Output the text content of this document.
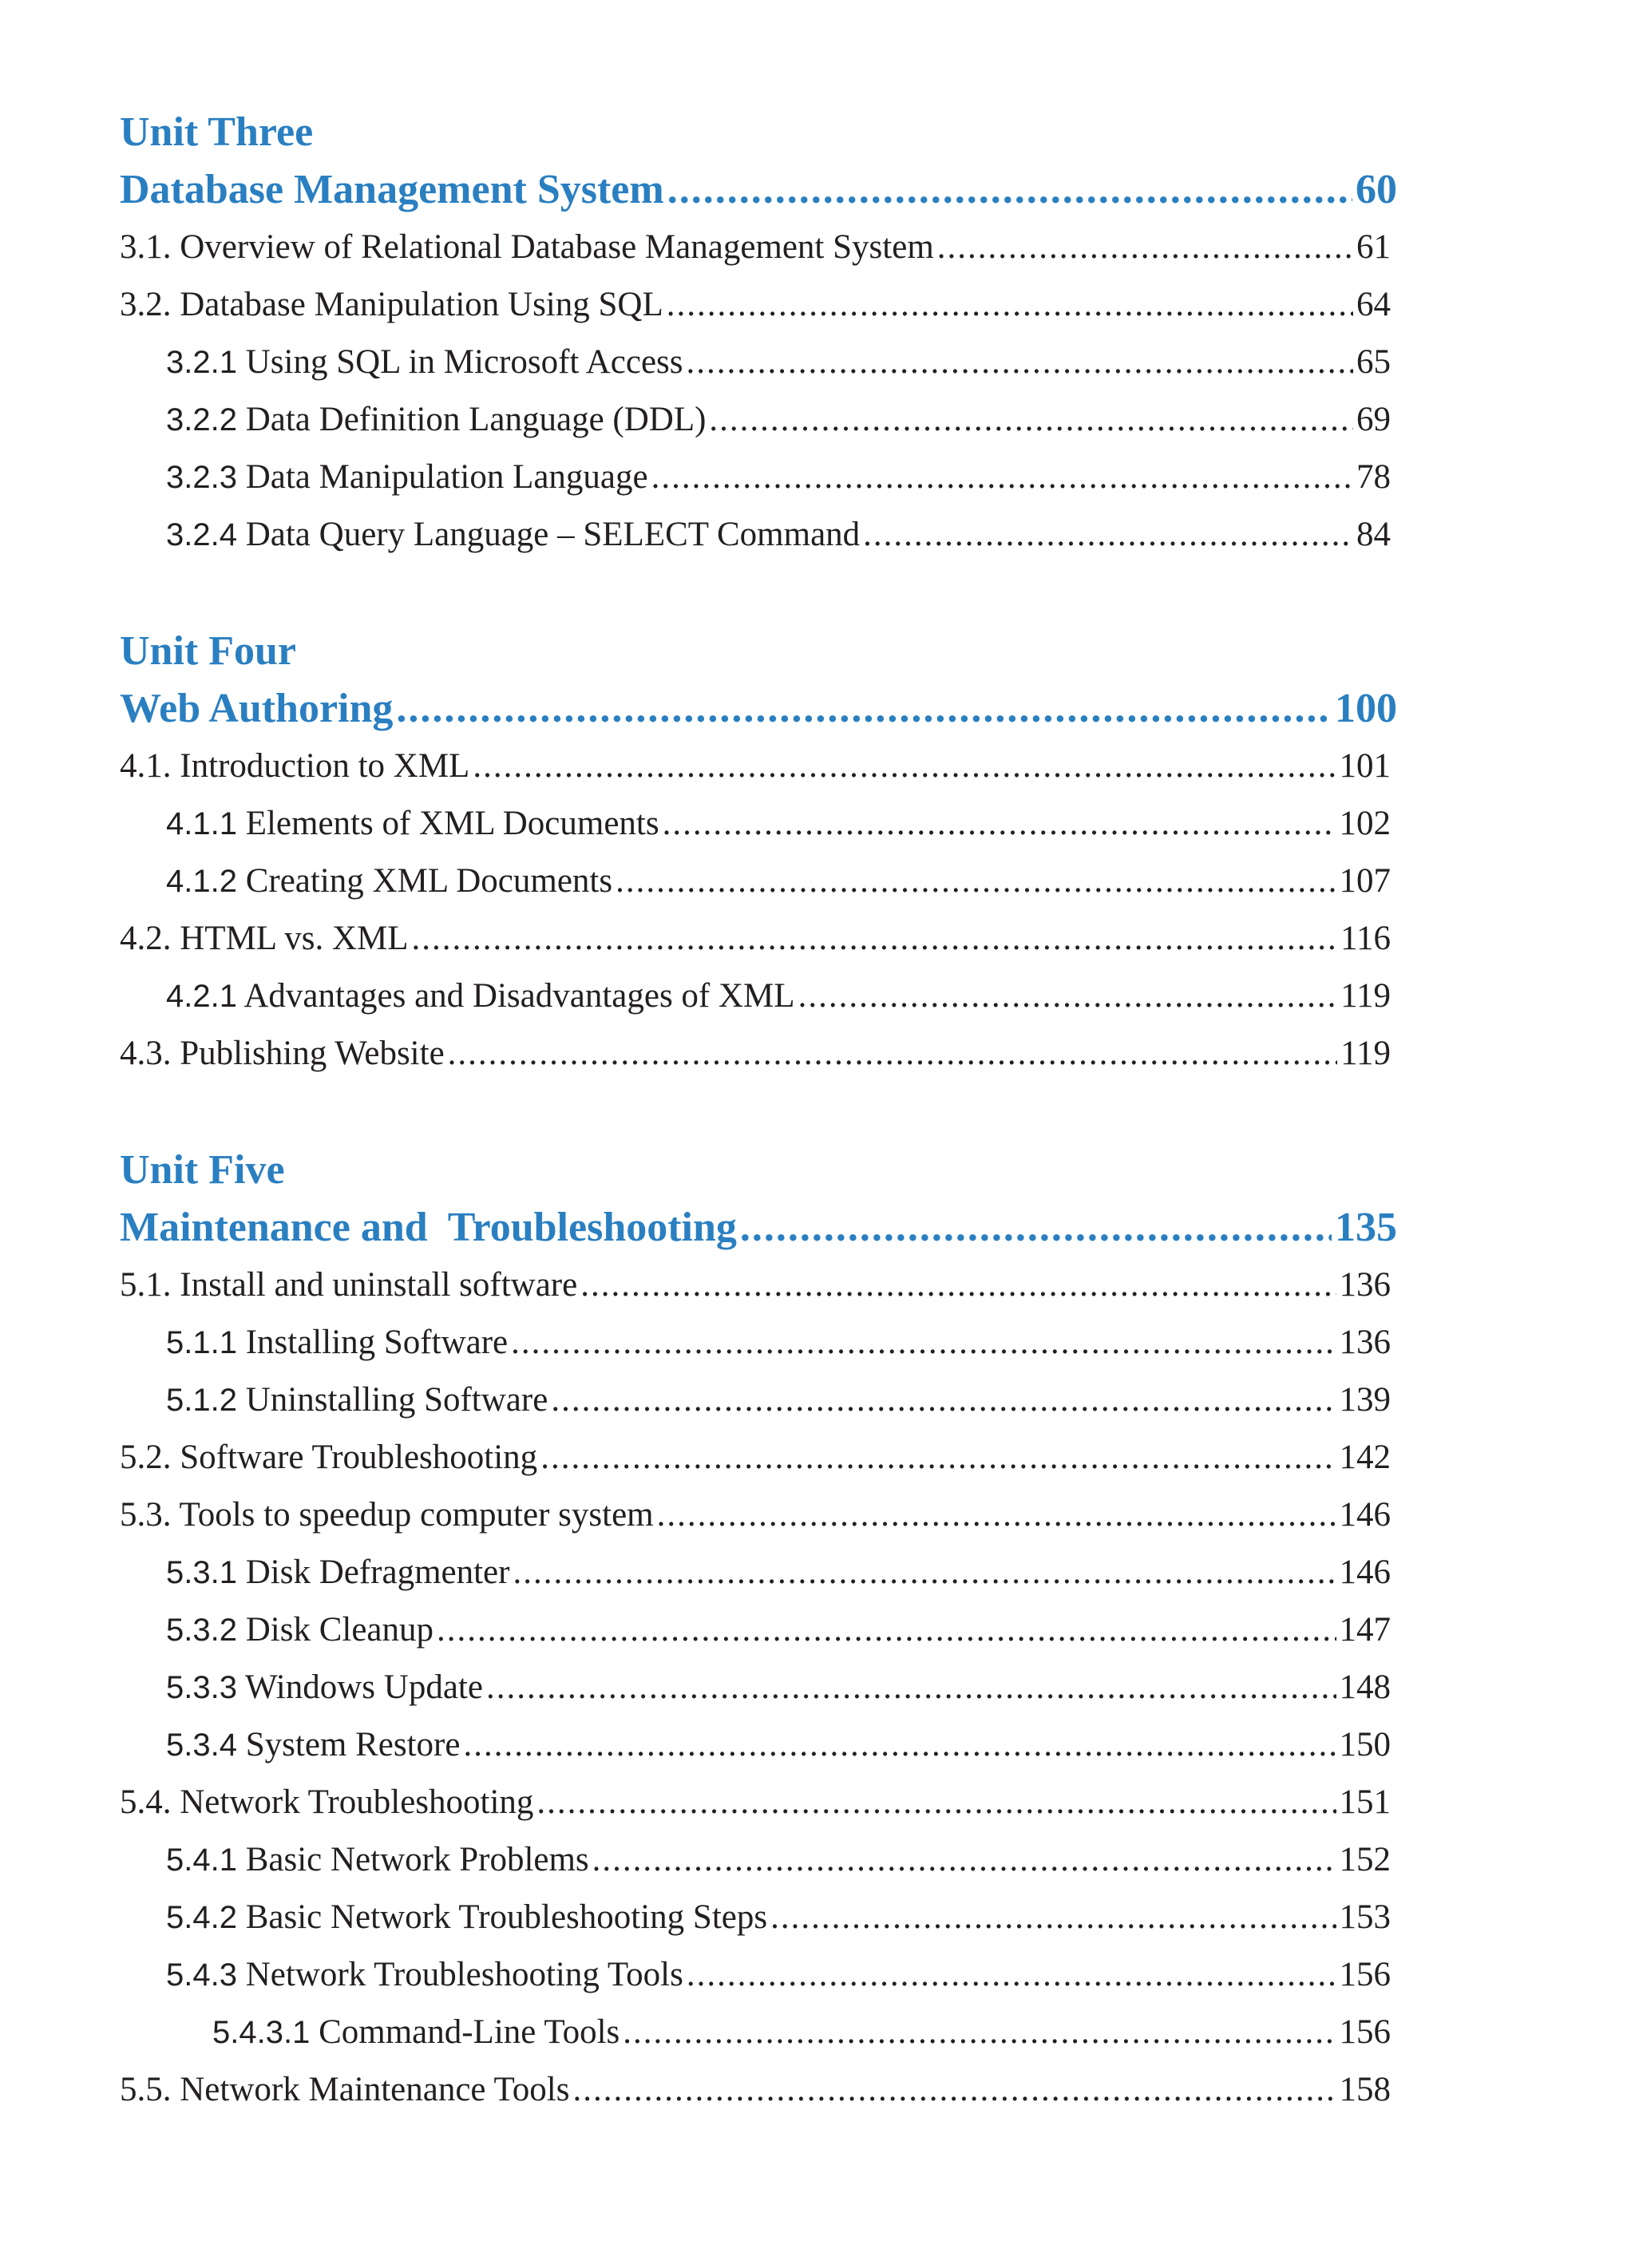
Unit Three
Database Management System .....	60
3.1. Overview of Relational Database Management System .....	61
3.2. Database Manipulation Using SQL .....	64
3.2.1 Using SQL in Microsoft Access .....	65
3.2.2 Data Definition Language (DDL) .....	69
3.2.3 Data Manipulation Language .....	78
3.2.4 Data Query Language – SELECT Command .....	84
Unit Four
Web Authoring .....	100
4.1. Introduction to XML .....	101
4.1.1 Elements of XML Documents .....	102
4.1.2 Creating XML Documents .....	107
4.2. HTML vs. XML .....	116
4.2.1 Advantages and Disadvantages of XML .....	119
4.3. Publishing Website .....	119
Unit Five
Maintenance and  Troubleshooting .....	135
5.1. Install and uninstall software .....	136
5.1.1 Installing Software .....	136
5.1.2 Uninstalling Software .....	139
5.2. Software Troubleshooting .....	142
5.3. Tools to speedup computer system .....	146
5.3.1 Disk Defragmenter .....	146
5.3.2 Disk Cleanup .....	147
5.3.3 Windows Update .....	148
5.3.4 System Restore .....	150
5.4. Network Troubleshooting .....	151
5.4.1 Basic Network Problems .....	152
5.4.2 Basic Network Troubleshooting Steps .....	153
5.4.3 Network Troubleshooting Tools .....	156
5.4.3.1 Command-Line Tools .....	156
5.5. Network Maintenance Tools .....	158
